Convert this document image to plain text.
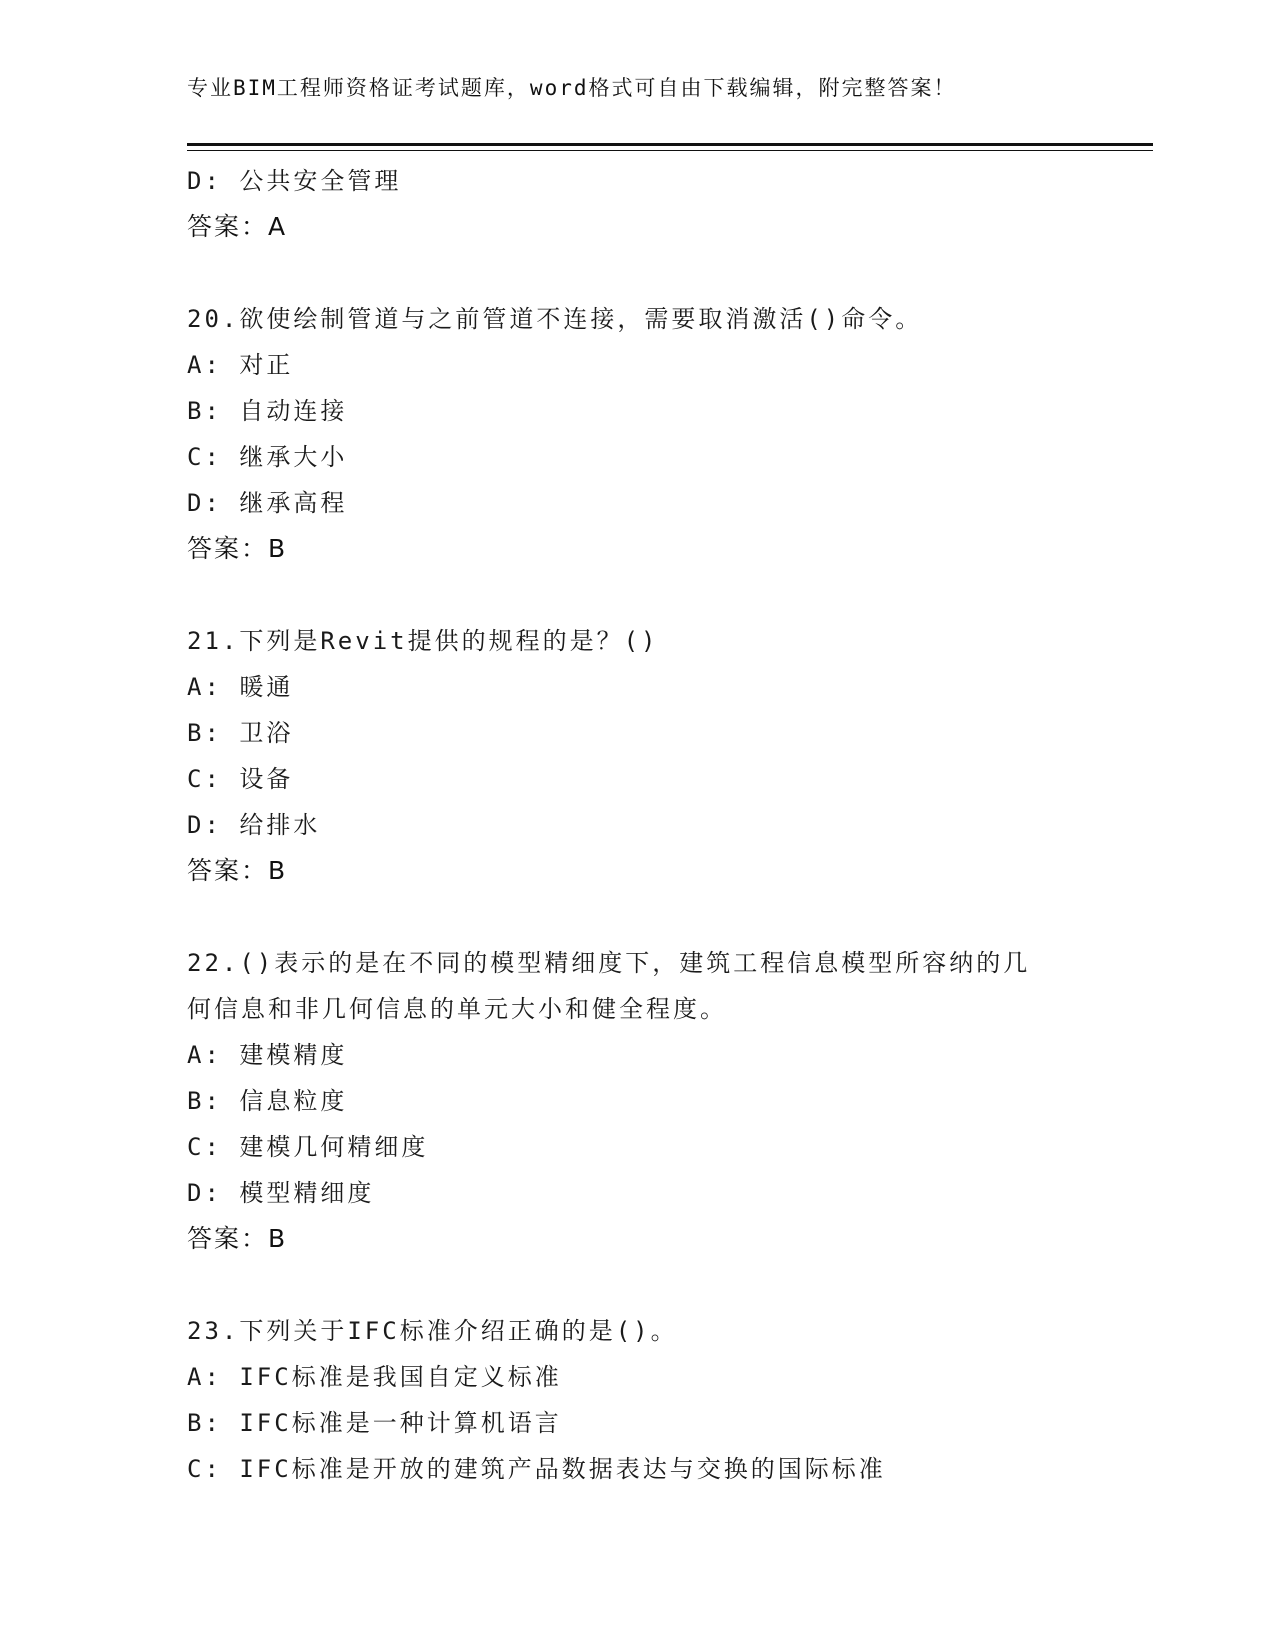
专业BIM工程师资格证考试题库，word格式可自由下载编辑，附完整答案！
D: 公共安全管理
答案：A
20.欲使绘制管道与之前管道不连接，需要取消激活()命令。
A: 对正
B: 自动连接
C: 继承大小
D: 继承高程
答案：B
21.下列是Revit提供的规程的是？()
A: 暖通
B: 卫浴
C: 设备
D: 给排水
答案：B
22.()表示的是在不同的模型精细度下，建筑工程信息模型所容纳的几
何信息和非几何信息的单元大小和健全程度。
A: 建模精度
B: 信息粒度
C: 建模几何精细度
D: 模型精细度
答案：B
23.下列关于IFC标准介绍正确的是()。
A: IFC标准是我国自定义标准
B: IFC标准是一种计算机语言
C: IFC标准是开放的建筑产品数据表达与交换的国际标准
